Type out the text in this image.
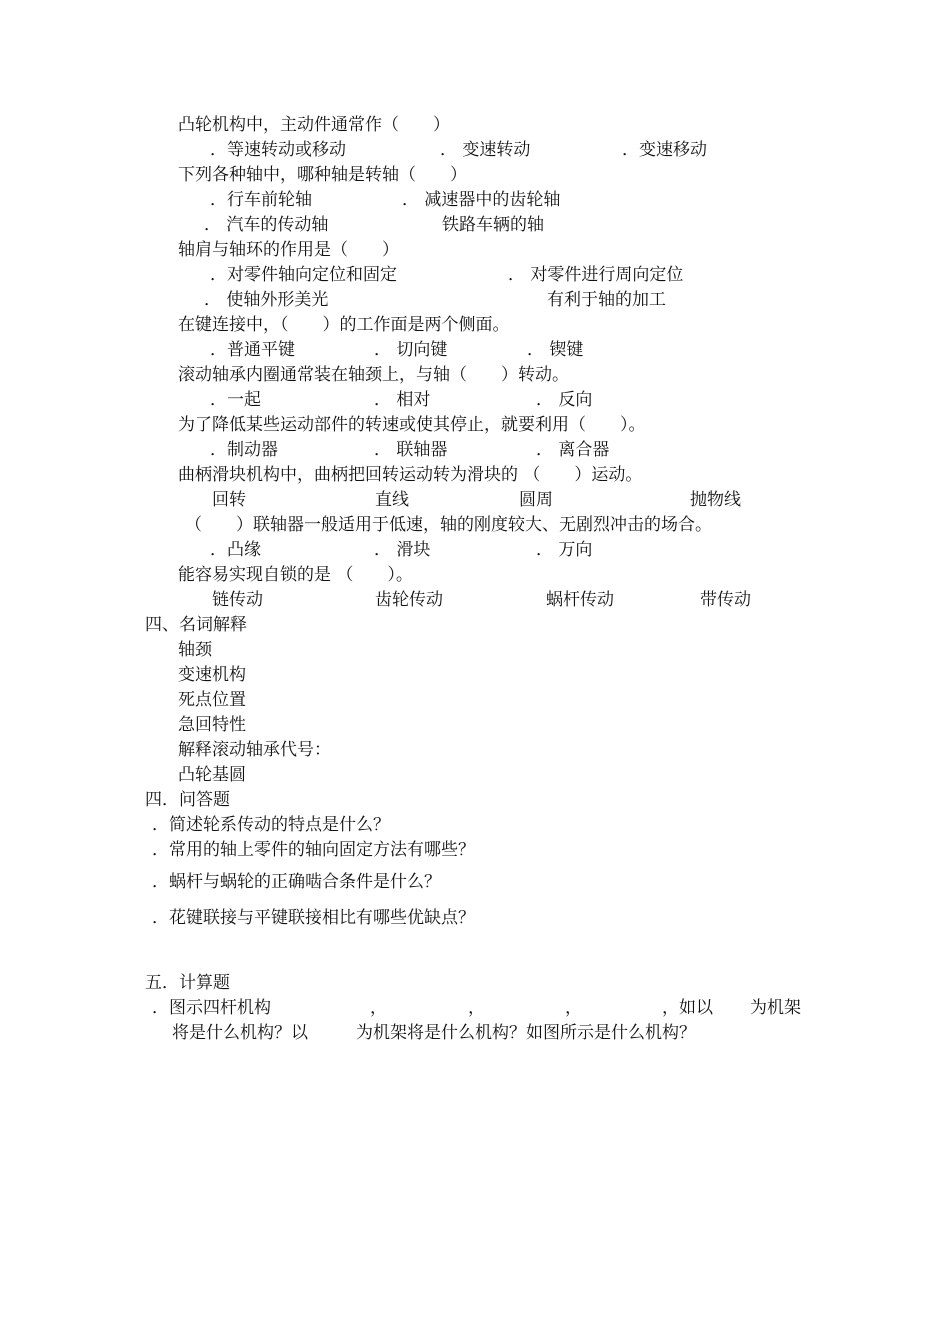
凸轮机构中，主动件通常作（　　）
．等速转动或移动	． 变速转动	．变速移动
下列各种轴中，哪种轴是转轴（　　）
．行车前轮轴	． 减速器中的齿轮轴
． 汽车的传动轴	铁路车辆的轴
轴肩与轴环的作用是（　　）
．对零件轴向定位和固定	． 对零件进行周向定位
． 使轴外形美光	有利于轴的加工
在键连接中，（　　）的工作面是两个侧面。
．普通平键	． 切向键	． 锲键
滚动轴承内圈通常装在轴颈上，与轴（　　）转动。
．一起	． 相对	． 反向
为了降低某些运动部件的转速或使其停止，就要利用（　　）。
．制动器	． 联轴器	． 离合器
曲柄滑块机构中，曲柄把回转运动转为滑块的 （　　）运动。
回转	直线	圆周	抛物线
（　　）联轴器一般适用于低速，轴的刚度较大、无剧烈冲击的场合。
．凸缘	． 滑块	． 万向
能容易实现自锁的是 （　　）。
链传动	齿轮传动	蜗杆传动	带传动
四、名词解释
轴颈
变速机构
死点位置
急回特性
解释滚动轴承代号：
凸轮基圆
四．问答题
．简述轮系传动的特点是什么？
．常用的轴上零件的轴向固定方法有哪些？
．蜗杆与蜗轮的正确啮合条件是什么？
．花键联接与平键联接相比有哪些优缺点？
五．计算题
．图示四杆机构	，	，	，	，如以 为机架
将是什么机构？以	为机架将是什么机构？如图所示是什么机构？
